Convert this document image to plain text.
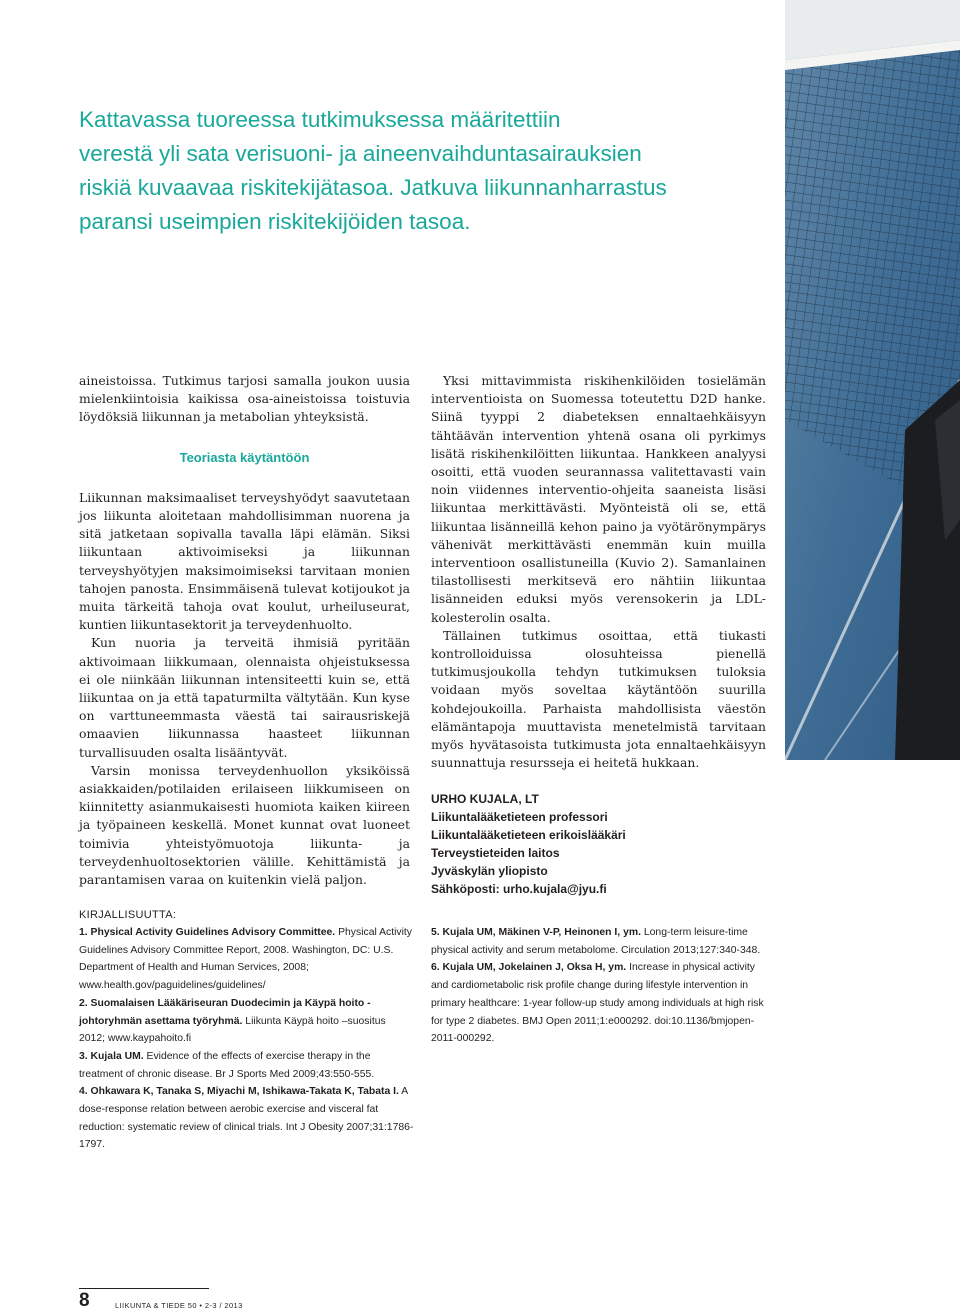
Kattavassa tuoreessa tutkimuksessa määritettiin
verestä yli sata verisuoni- ja aineenvaihduntasairauksien
riskiä kuvaavaa riskitekijätasoa. Jatkuva liikunnanharrastus
paransi useimpien riskitekijöiden tasoa.

aineistoissa. Tutkimus tarjosi samalla joukon uusia mielenkiintoisia kaikissa osa-aineistoissa toistuvia löydöksiä liikunnan ja metabolian yhteyksistä.

Teoriasta käytäntöön

Liikunnan maksimaaliset terveyshyödyt saavutetaan jos liikunta aloitetaan mahdollisimman nuorena ja sitä jatketaan sopivalla tavalla läpi elämän. Siksi liikuntaan aktivoimiseksi ja liikunnan terveyshyötyjen maksimoimiseksi tarvitaan monien tahojen panosta. Ensimmäisenä tulevat kotijoukot ja muita tärkeitä tahoja ovat koulut, urheiluseurat, kuntien liikuntasektorit ja terveydenhuolto.

Kun nuoria ja terveitä ihmisiä pyritään aktivoimaan liikkumaan, olennaista ohjeistuksessa ei ole niinkään liikunnan intensiteetti kuin se, että liikuntaa on ja että tapaturmilta vältytään. Kun kyse on varttuneemmasta väestä tai sairausriskejä omaavien liikunnassa haasteet liikunnan turvallisuuden osalta lisääntyvät.

Varsin monissa terveydenhuollon yksiköissä asiakkaiden/potilaiden erilaiseen liikkumiseen on kiinnitetty asianmukaisesti huomiota kaiken kiireen ja työpaineen keskellä. Monet kunnat ovat luoneet toimivia yhteistyömuotoja liikunta- ja terveydenhuoltosektorien välille. Kehittämistä ja parantamisen varaa on kuitenkin vielä paljon.

Yksi mittavimmista riskihenkilöiden tosielämän interventioista on Suomessa toteutettu D2D hanke. Siinä tyyppi 2 diabeteksen ennaltaehkäisyyn tähtäävän intervention yhtenä osana oli pyrkimys lisätä riskihenkilöitten liikuntaa. Hankkeen analyysi osoitti, että vuoden seurannassa valitettavasti vain noin viidennes interventio-ohjeita saaneista lisäsi liikuntaa merkittävästi. Myönteistä oli se, että liikuntaa lisänneillä kehon paino ja vyötärönympärys vähenivät merkittävästi enemmän kuin muilla interventioon osallistuneilla (Kuvio 2). Samanlainen tilastollisesti merkitsevä ero nähtiin liikuntaa lisänneiden eduksi myös verensokerin ja LDL-kolesterolin osalta.

Tällainen tutkimus osoittaa, että tiukasti kontrolloiduissa olosuhteissa pienellä tutkimusjoukolla tehdyn tutkimuksen tuloksia voidaan myös soveltaa käytäntöön suurilla kohdejoukoilla. Parhaista mahdollisista väestön elämäntapoja muuttavista menetelmistä tarvitaan myös hyvätasoista tutkimusta jota ennaltaehkäisyyn suunnattuja resursseja ei heitetä hukkaan.

URHO KUJALA, LT
Liikuntalääketieteen professori
Liikuntalääketieteen erikoislääkäri
Terveystieteiden laitos
Jyväskylän yliopisto
Sähköposti: urho.kujala@jyu.fi
KIRJALLISUUTTA:

1. Physical Activity Guidelines Advisory Committee. Physical Activity Guidelines Advisory Committee Report, 2008. Washington, DC: U.S. Department of Health and Human Services, 2008; www.health.gov/paguidelines/guidelines/

2. Suomalaisen Lääkäriseuran Duodecimin ja Käypä hoito -johtoryhmän asettama työryhmä. Liikunta Käypä hoito –suositus 2012; www.kaypahoito.fi

3. Kujala UM. Evidence of the effects of exercise therapy in the treatment of chronic disease. Br J Sports Med 2009;43:550-555.

4. Ohkawara K, Tanaka S, Miyachi M, Ishikawa-Takata K, Tabata I. A dose-response relation between aerobic exercise and visceral fat reduction: systematic review of clinical trials. Int J Obesity 2007;31:1786-1797.

5. Kujala UM, Mäkinen V-P, Heinonen I, ym. Long-term leisure-time physical activity and serum metabolome. Circulation 2013;127:340-348.

6. Kujala UM, Jokelainen J, Oksa H, ym. Increase in physical activity and cardiometabolic risk profile change during lifestyle intervention in primary healthcare: 1-year follow-up study among individuals at high risk for type 2 diabetes. BMJ Open 2011;1:e000292. doi:10.1136/bmjopen-2011-000292.

8	LIIKUNTA & TIEDE 50 • 2-3 / 2013
